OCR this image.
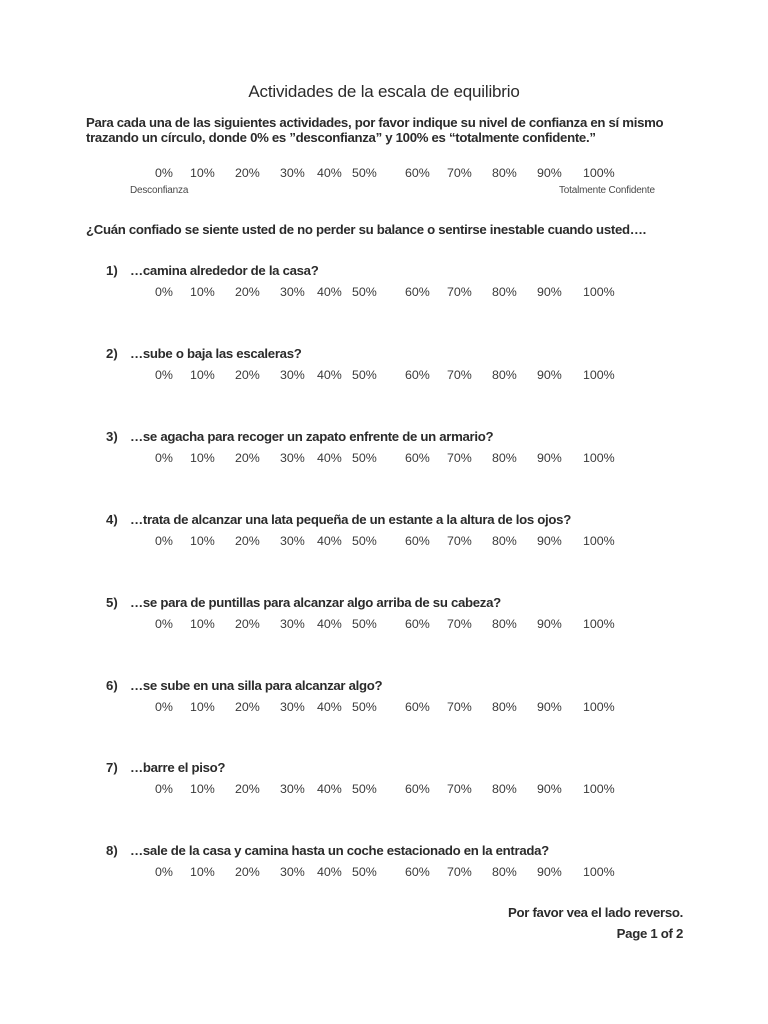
Actividades de la escala de equilibrio
Para cada una de las siguientes actividades, por favor indique su nivel de confianza en sí mismo trazando un círculo, donde 0% es ”desconfianza” y 100% es “totalmente confidente.”
0% 10% 20% 30% 40% 50% 60% 70% 80% 90% 100%
Desconfianza	Totalmente Confidente
¿Cuán confiado se siente usted de no perder su balance o sentirse inestable cuando usted….
1) …camina alrededor de la casa?
0% 10% 20% 30% 40% 50% 60% 70% 80% 90% 100%
2) …sube o baja las escaleras?
0% 10% 20% 30% 40% 50% 60% 70% 80% 90% 100%
3) …se agacha para recoger un zapato enfrente de un armario?
0% 10% 20% 30% 40% 50% 60% 70% 80% 90% 100%
4) …trata de alcanzar una lata pequeña de un estante a la altura de los ojos?
0% 10% 20% 30% 40% 50% 60% 70% 80% 90% 100%
5) …se para de puntillas para alcanzar algo arriba de su cabeza?
0% 10% 20% 30% 40% 50% 60% 70% 80% 90% 100%
6) …se sube en una silla para alcanzar algo?
0% 10% 20% 30% 40% 50% 60% 70% 80% 90% 100%
7) …barre el piso?
0% 10% 20% 30% 40% 50% 60% 70% 80% 90% 100%
8) …sale de la casa y camina hasta un coche estacionado en la entrada?
0% 10% 20% 30% 40% 50% 60% 70% 80% 90% 100%
Por favor vea el lado reverso.
Page 1 of 2
